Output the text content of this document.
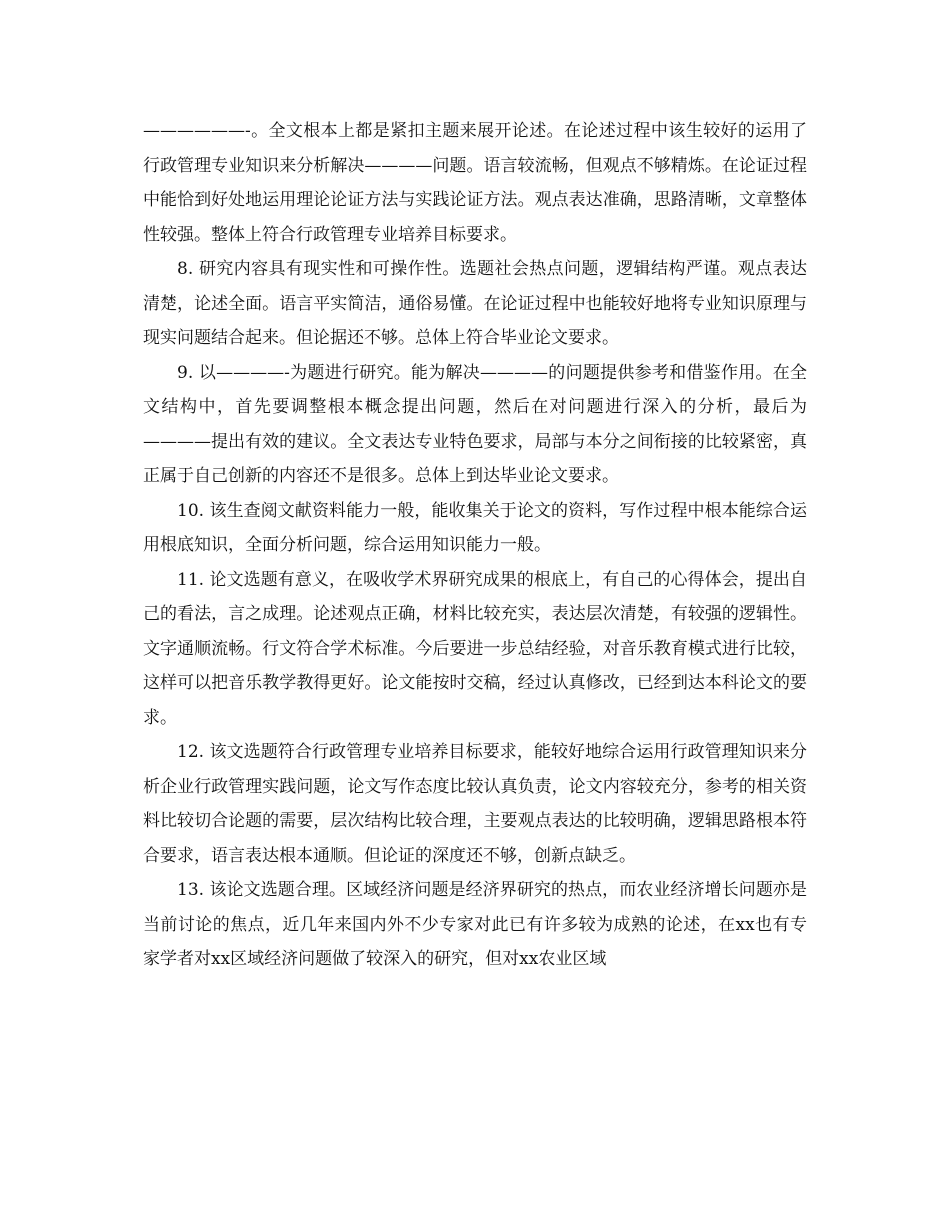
——————-。全文根本上都是紧扣主题来展开论述。在论述过程中该生较好的运用了行政管理专业知识来分析解决————问题。语言较流畅，但观点不够精炼。在论证过程中能恰到好处地运用理论论证方法与实践论证方法。观点表达准确，思路清晰，文章整体性较强。整体上符合行政管理专业培养目标要求。

8. 研究内容具有现实性和可操作性。选题社会热点问题，逻辑结构严谨。观点表达清楚，论述全面。语言平实简洁，通俗易懂。在论证过程中也能较好地将专业知识原理与现实问题结合起来。但论据还不够。总体上符合毕业论文要求。

9. 以————-为题进行研究。能为解决————的问题提供参考和借鉴作用。在全文结构中，首先要调整根本概念提出问题，然后在对问题进行深入的分析，最后为————提出有效的建议。全文表达专业特色要求，局部与本分之间衔接的比较紧密，真正属于自己创新的内容还不是很多。总体上到达毕业论文要求。

10. 该生查阅文献资料能力一般，能收集关于论文的资料，写作过程中根本能综合运用根底知识，全面分析问题，综合运用知识能力一般。

11. 论文选题有意义，在吸收学术界研究成果的根底上，有自己的心得体会，提出自己的看法，言之成理。论述观点正确，材料比较充实，表达层次清楚，有较强的逻辑性。文字通顺流畅。行文符合学术标准。今后要进一步总结经验，对音乐教育模式进行比较，这样可以把音乐教学教得更好。论文能按时交稿，经过认真修改，已经到达本科论文的要求。

12. 该文选题符合行政管理专业培养目标要求，能较好地综合运用行政管理知识来分析企业行政管理实践问题，论文写作态度比较认真负责，论文内容较充分，参考的相关资料比较切合论题的需要，层次结构比较合理，主要观点表达的比较明确，逻辑思路根本符合要求，语言表达根本通顺。但论证的深度还不够，创新点缺乏。

13. 该论文选题合理。区域经济问题是经济界研究的热点，而农业经济增长问题亦是当前讨论的焦点，近几年来国内外不少专家对此已有许多较为成熟的论述，在xx也有专家学者对xx区域经济问题做了较深入的研究，但对xx农业区域
